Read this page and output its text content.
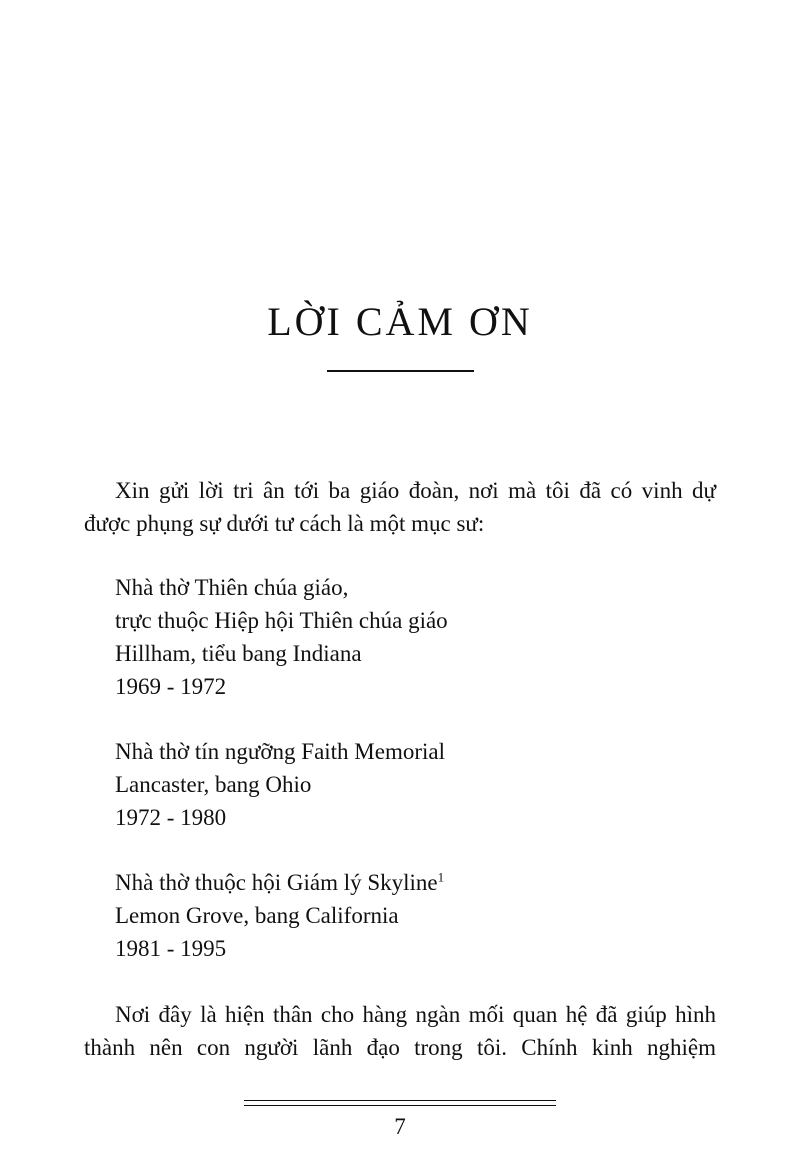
LỜI CẢM ƠN
Xin gửi lời tri ân tới ba giáo đoàn, nơi mà tôi đã có vinh dự
được phụng sự dưới tư cách là một mục sư:
Nhà thờ Thiên chúa giáo,
trực thuộc Hiệp hội Thiên chúa giáo
Hillham, tiểu bang Indiana
1969 - 1972
Nhà thờ tín ngưỡng Faith Memorial
Lancaster, bang Ohio
1972 - 1980
Nhà thờ thuộc hội Giám lý Skyline$^1$
Lemon Grove, bang California
1981 - 1995
Nơi đây là hiện thân cho hàng ngàn mối quan hệ đã giúp hình
thành nên con người lãnh đạo trong tôi. Chính kinh nghiệm
7
